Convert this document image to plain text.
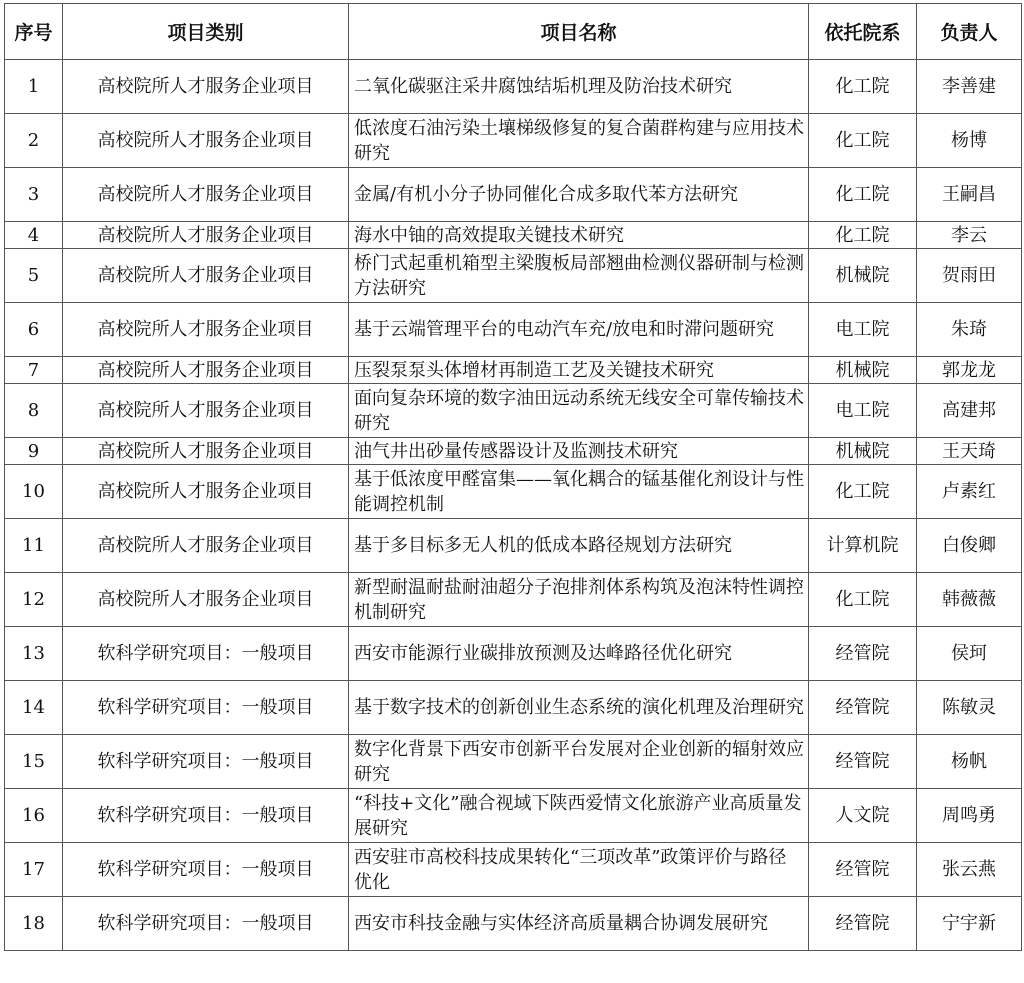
序号	项目类别	项目名称	依托院系	负责人
1	高校院所人才服务企业项目	二氧化碳驱注采井腐蚀结垢机理及防治技术研究	化工院	李善建
2	高校院所人才服务企业项目	低浓度石油污染土壤梯级修复的复合菌群构建与应用技术研究	化工院	杨博
3	高校院所人才服务企业项目	金属/有机小分子协同催化合成多取代苯方法研究	化工院	王嗣昌
4	高校院所人才服务企业项目	海水中铀的高效提取关键技术研究	化工院	李云
5	高校院所人才服务企业项目	桥门式起重机箱型主梁腹板局部翘曲检测仪器研制与检测方法研究	机械院	贺雨田
6	高校院所人才服务企业项目	基于云端管理平台的电动汽车充/放电和时滞问题研究	电工院	朱琦
7	高校院所人才服务企业项目	压裂泵泵头体增材再制造工艺及关键技术研究	机械院	郭龙龙
8	高校院所人才服务企业项目	面向复杂环境的数字油田远动系统无线安全可靠传输技术研究	电工院	高建邦
9	高校院所人才服务企业项目	油气井出砂量传感器设计及监测技术研究	机械院	王天琦
10	高校院所人才服务企业项目	基于低浓度甲醛富集——氧化耦合的锰基催化剂设计与性能调控机制	化工院	卢素红
11	高校院所人才服务企业项目	基于多目标多无人机的低成本路径规划方法研究	计算机院	白俊卿
12	高校院所人才服务企业项目	新型耐温耐盐耐油超分子泡排剂体系构筑及泡沫特性调控机制研究	化工院	韩薇薇
13	软科学研究项目：一般项目	西安市能源行业碳排放预测及达峰路径优化研究	经管院	侯珂
14	软科学研究项目：一般项目	基于数字技术的创新创业生态系统的演化机理及治理研究	经管院	陈敏灵
15	软科学研究项目：一般项目	数字化背景下西安市创新平台发展对企业创新的辐射效应研究	经管院	杨帆
16	软科学研究项目：一般项目	“科技+文化”融合视域下陕西爱情文化旅游产业高质量发展研究	人文院	周鸣勇
17	软科学研究项目：一般项目	西安驻市高校科技成果转化“三项改革”政策评价与路径优化	经管院	张云燕
18	软科学研究项目：一般项目	西安市科技金融与实体经济高质量耦合协调发展研究	经管院	宁宇新
